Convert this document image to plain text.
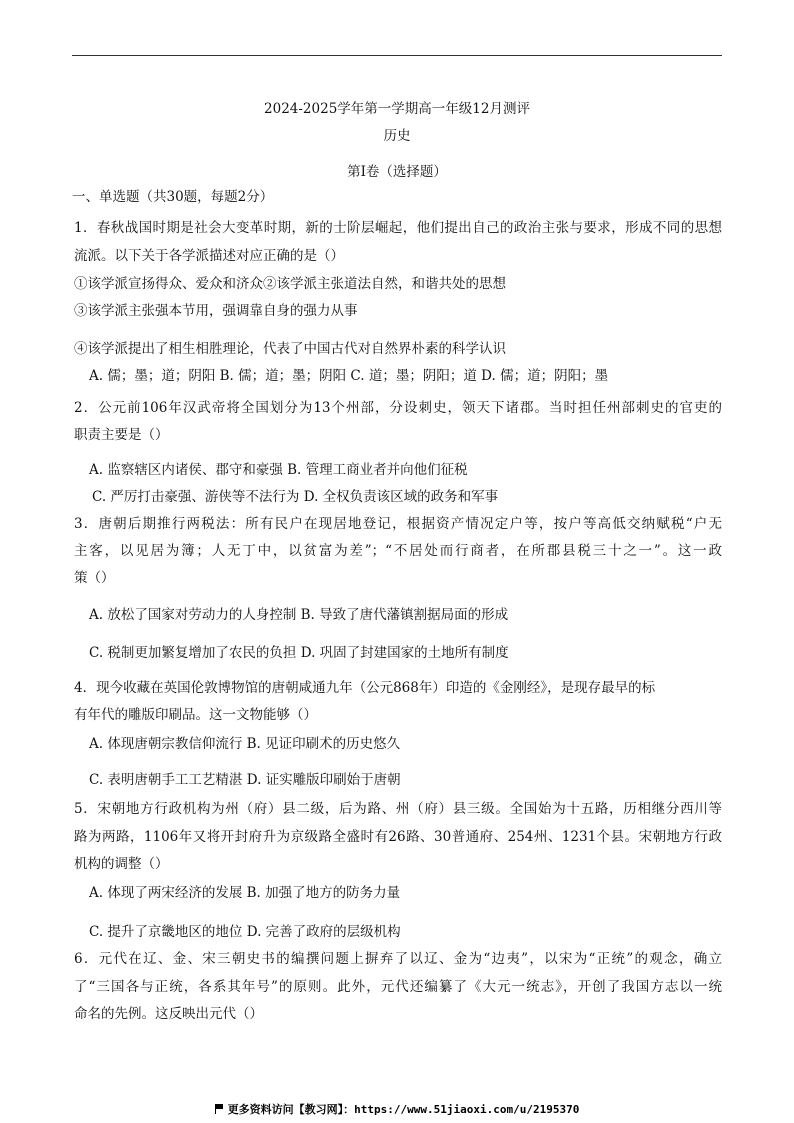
2024-2025学年第一学期高一年级12月测评
历史
第I卷（选择题）
一、单选题（共30题，每题2分）
1．春秋战国时期是社会大变革时期，新的士阶层崛起，他们提出自己的政治主张与要求，形成不同的思想
流派。以下关于各学派描述对应正确的是（）
①该学派宣扬得众、爱众和济众②该学派主张道法自然，和谐共处的思想
③该学派主张强本节用，强调靠自身的强力从事
④该学派提出了相生相胜理论，代表了中国古代对自然界朴素的科学认识
A. 儒；墨；道；阴阳 B. 儒；道；墨；阴阳 C. 道；墨；阴阳；道 D. 儒；道；阴阳；墨
2．公元前106年汉武帝将全国划分为13个州部，分设刺史，领天下诸郡。当时担任州部刺史的官吏的
职责主要是（）
A. 监察辖区内诸侯、郡守和豪强 B. 管理工商业者并向他们征税
C. 严厉打击豪强、游侠等不法行为 D. 全权负责该区域的政务和军事
3．唐朝后期推行两税法：所有民户在现居地登记，根据资产情况定户等，按户等高低交纳赋税“户无
主客，以见居为簿；人无丁中，以贫富为差”；“不居处而行商者，在所郡县税三十之一”。这一政
策（）
A. 放松了国家对劳动力的人身控制 B. 导致了唐代藩镇割据局面的形成
C. 税制更加繁复增加了农民的负担 D. 巩固了封建国家的土地所有制度
4．现今收藏在英国伦敦博物馆的唐朝咸通九年（公元868年）印造的《金刚经》，是现存最早的标
有年代的雕版印刷品。这一文物能够（）
A. 体现唐朝宗教信仰流行 B. 见证印刷术的历史悠久
C. 表明唐朝手工工艺精湛 D. 证实雕版印刷始于唐朝
5．宋朝地方行政机构为州（府）县二级，后为路、州（府）县三级。全国始为十五路，历相继分西川等
路为两路，1106年又将开封府升为京级路全盛时有26路、30普通府、254州、1231个县。宋朝地方行政
机构的调整（）
A. 体现了两宋经济的发展 B. 加强了地方的防务力量
C. 提升了京畿地区的地位 D. 完善了政府的层级机构
6．元代在辽、金、宋三朝史书的编撰问题上摒弃了以辽、金为“边夷”，以宋为“正统”的观念，确立
了“三国各与正统，各系其年号”的原则。此外，元代还编纂了《大元一统志》，开创了我国方志以一统
命名的先例。这反映出元代（）
更多资料访问【教习网】：https://www.51jiaoxi.com/u/2195370
